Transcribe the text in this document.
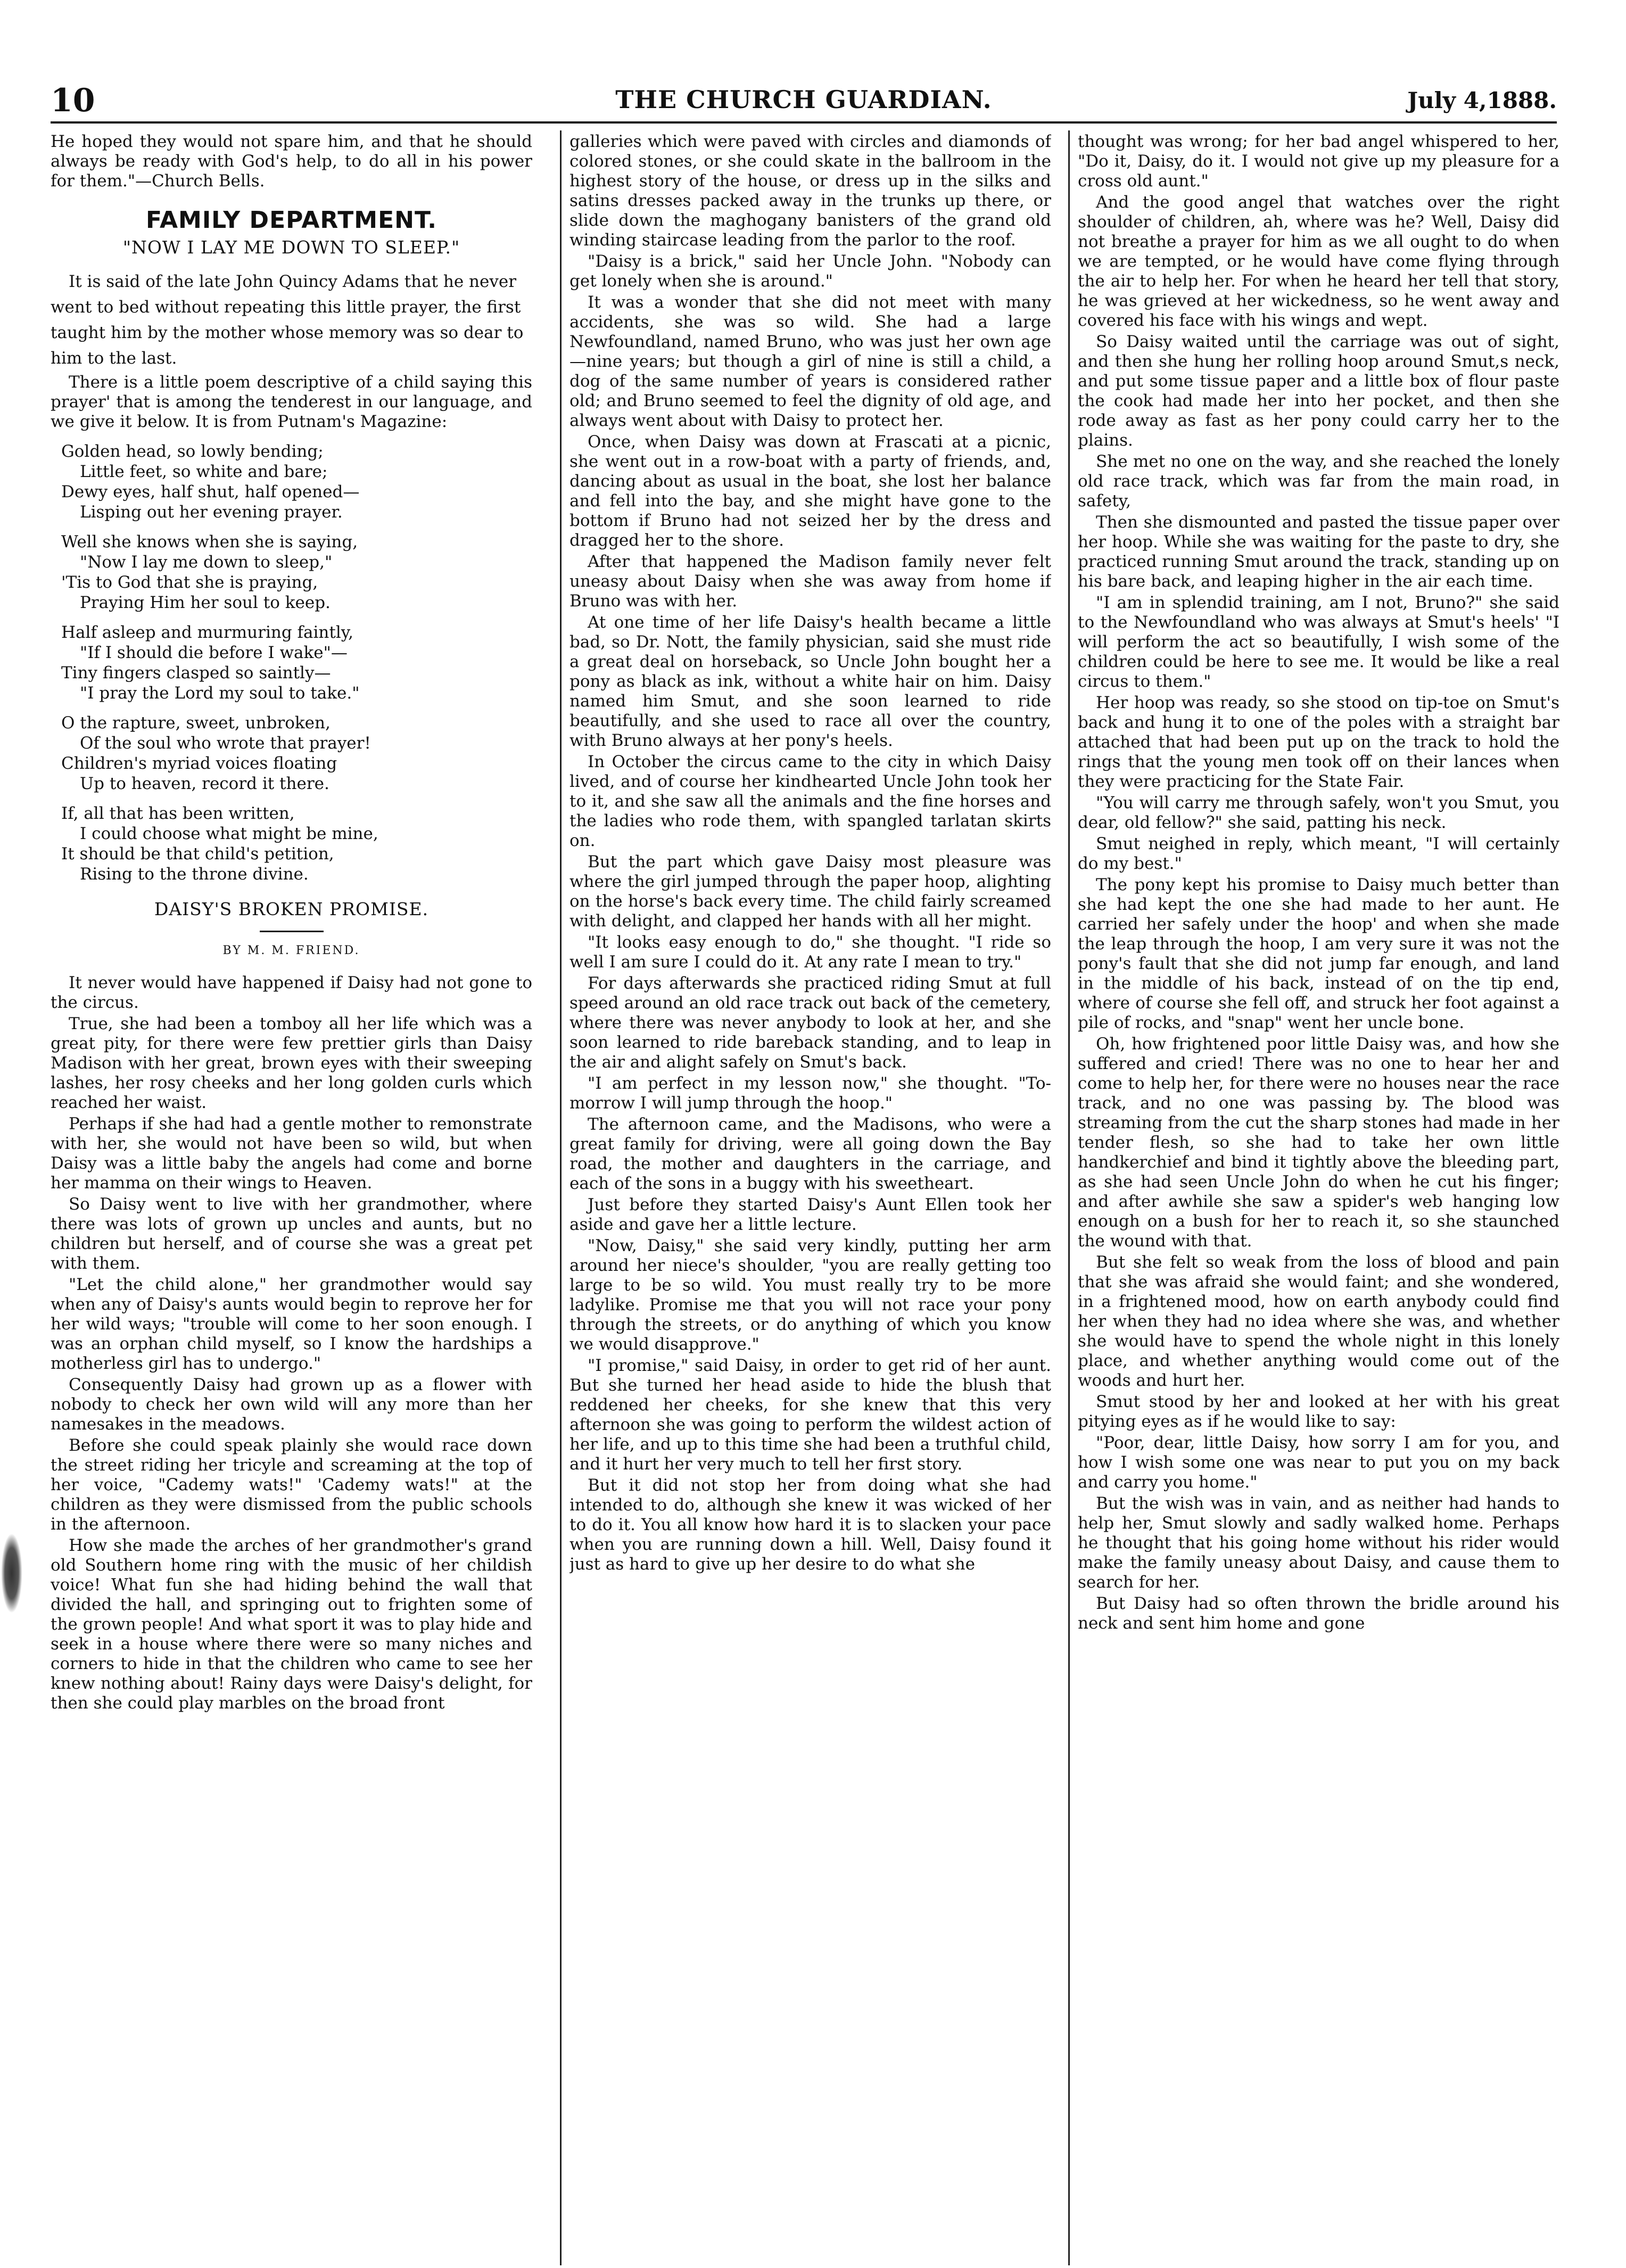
10	THE CHURCH GUARDIAN.	July 4,1888.

He hoped they would not spare him, and that he should always be ready with God's help, to do all in his power for them."—Church Bells.

FAMILY DEPARTMENT.
"NOW I LAY ME DOWN TO SLEEP."

It is said of the late John Quincy Adams that he never went to bed without repeating this little prayer, the first taught him by the mother whose memory was so dear to him to the last.

There is a little poem descriptive of a child saying this prayer' that is among the tenderest in our language, and we give it below. It is from Putnam's Magazine:

Golden head, so lowly bending;
Little feet, so white and bare;
Dewy eyes, half shut, half opened—
Lisping out her evening prayer.
Well she knows when she is saying,
"Now I lay me down to sleep,"
'Tis to God that she is praying,
Praying Him her soul to keep.
Half asleep and murmuring faintly,
"If I should die before I wake"—
Tiny fingers clasped so saintly—
"I pray the Lord my soul to take."
O the rapture, sweet, unbroken,
Of the soul who wrote that prayer!
Children's myriad voices floating
Up to heaven, record it there.
If, all that has been written,
I could choose what might be mine,
It should be that child's petition,
Rising to the throne divine.
DAISY'S BROKEN PROMISE.
BY M. M. FRIEND.

It never would have happened if Daisy had not gone to the circus.

True, she had been a tomboy all her life which was a great pity, for there were few prettier girls than Daisy Madison with her great, brown eyes with their sweeping lashes, her rosy cheeks and her long golden curls which reached her waist.

Perhaps if she had had a gentle mother to remonstrate with her, she would not have been so wild, but when Daisy was a little baby the angels had come and borne her mamma on their wings to Heaven.

So Daisy went to live with her grandmother, where there was lots of grown up uncles and aunts, but no children but herself, and of course she was a great pet with them.

"Let the child alone," her grandmother would say when any of Daisy's aunts would begin to reprove her for her wild ways; "trouble will come to her soon enough. I was an orphan child myself, so I know the hardships a motherless girl has to undergo."

Consequently Daisy had grown up as a flower with nobody to check her own wild will any more than her namesakes in the meadows.

Before she could speak plainly she would race down the street riding her tricyle and screaming at the top of her voice, "Cademy wats!" 'Cademy wats!" at the children as they were dismissed from the public schools in the afternoon.

How she made the arches of her grandmother's grand old Southern home ring with the music of her childish voice! What fun she had hiding behind the wall that divided the hall, and springing out to frighten some of the grown people! And what sport it was to play hide and seek in a house where there were so many niches and corners to hide in that the children who came to see her knew nothing about! Rainy days were Daisy's delight, for then she could play marbles on the broad front

galleries which were paved with circles and diamonds of colored stones, or she could skate in the ballroom in the highest story of the house, or dress up in the silks and satins dresses packed away in the trunks up there, or slide down the maghogany banisters of the grand old winding staircase leading from the parlor to the roof.

"Daisy is a brick," said her Uncle John. "Nobody can get lonely when she is around."

It was a wonder that she did not meet with many accidents, she was so wild. She had a large Newfoundland, named Bruno, who was just her own age—nine years; but though a girl of nine is still a child, a dog of the same number of years is considered rather old; and Bruno seemed to feel the dignity of old age, and always went about with Daisy to protect her.

Once, when Daisy was down at Frascati at a picnic, she went out in a row-boat with a party of friends, and, dancing about as usual in the boat, she lost her balance and fell into the bay, and she might have gone to the bottom if Bruno had not seized her by the dress and dragged her to the shore.

After that happened the Madison family never felt uneasy about Daisy when she was away from home if Bruno was with her.

At one time of her life Daisy's health became a little bad, so Dr. Nott, the family physician, said she must ride a great deal on horseback, so Uncle John bought her a pony as black as ink, without a white hair on him. Daisy named him Smut, and she soon learned to ride beautifully, and she used to race all over the country, with Bruno always at her pony's heels.

In October the circus came to the city in which Daisy lived, and of course her kindhearted Uncle John took her to it, and she saw all the animals and the fine horses and the ladies who rode them, with spangled tarlatan skirts on.

But the part which gave Daisy most pleasure was where the girl jumped through the paper hoop, alighting on the horse's back every time. The child fairly screamed with delight, and clapped her hands with all her might.

"It looks easy enough to do," she thought. "I ride so well I am sure I could do it. At any rate I mean to try."

For days afterwards she practiced riding Smut at full speed around an old race track out back of the cemetery, where there was never anybody to look at her, and she soon learned to ride bareback standing, and to leap in the air and alight safely on Smut's back.

"I am perfect in my lesson now," she thought. "To-morrow I will jump through the hoop."

The afternoon came, and the Madisons, who were a great family for driving, were all going down the Bay road, the mother and daughters in the carriage, and each of the sons in a buggy with his sweetheart.

Just before they started Daisy's Aunt Ellen took her aside and gave her a little lecture.

"Now, Daisy," she said very kindly, putting her arm around her niece's shoulder, "you are really getting too large to be so wild. You must really try to be more ladylike. Promise me that you will not race your pony through the streets, or do anything of which you know we would disapprove."

"I promise," said Daisy, in order to get rid of her aunt. But she turned her head aside to hide the blush that reddened her cheeks, for she knew that this very afternoon she was going to perform the wildest action of her life, and up to this time she had been a truthful child, and it hurt her very much to tell her first story.

But it did not stop her from doing what she had intended to do, although she knew it was wicked of her to do it. You all know how hard it is to slacken your pace when you are running down a hill. Well, Daisy found it just as hard to give up her desire to do what she

thought was wrong; for her bad angel whispered to her, "Do it, Daisy, do it. I would not give up my pleasure for a cross old aunt."

And the good angel that watches over the right shoulder of children, ah, where was he? Well, Daisy did not breathe a prayer for him as we all ought to do when we are tempted, or he would have come flying through the air to help her. For when he heard her tell that story, he was grieved at her wickedness, so he went away and covered his face with his wings and wept.

So Daisy waited until the carriage was out of sight, and then she hung her rolling hoop around Smut,s neck, and put some tissue paper and a little box of flour paste the cook had made her into her pocket, and then she rode away as fast as her pony could carry her to the plains.

She met no one on the way, and she reached the lonely old race track, which was far from the main road, in safety,

Then she dismounted and pasted the tissue paper over her hoop. While she was waiting for the paste to dry, she practiced running Smut around the track, standing up on his bare back, and leaping higher in the air each time.

"I am in splendid training, am I not, Bruno?" she said to the Newfoundland who was always at Smut's heels' "I will perform the act so beautifully, I wish some of the children could be here to see me. It would be like a real circus to them."

Her hoop was ready, so she stood on tip-toe on Smut's back and hung it to one of the poles with a straight bar attached that had been put up on the track to hold the rings that the young men took off on their lances when they were practicing for the State Fair.

"You will carry me through safely, won't you Smut, you dear, old fellow?" she said, patting his neck.

Smut neighed in reply, which meant, "I will certainly do my best."

The pony kept his promise to Daisy much better than she had kept the one she had made to her aunt. He carried her safely under the hoop' and when she made the leap through the hoop, I am very sure it was not the pony's fault that she did not jump far enough, and land in the middle of his back, instead of on the tip end, where of course she fell off, and struck her foot against a pile of rocks, and "snap" went her uncle bone.

Oh, how frightened poor little Daisy was, and how she suffered and cried! There was no one to hear her and come to help her, for there were no houses near the race track, and no one was passing by. The blood was streaming from the cut the sharp stones had made in her tender flesh, so she had to take her own little handkerchief and bind it tightly above the bleeding part, as she had seen Uncle John do when he cut his finger; and after awhile she saw a spider's web hanging low enough on a bush for her to reach it, so she staunched the wound with that.

But she felt so weak from the loss of blood and pain that she was afraid she would faint; and she wondered, in a frightened mood, how on earth anybody could find her when they had no idea where she was, and whether she would have to spend the whole night in this lonely place, and whether anything would come out of the woods and hurt her.

Smut stood by her and looked at her with his great pitying eyes as if he would like to say:

"Poor, dear, little Daisy, how sorry I am for you, and how I wish some one was near to put you on my back and carry you home."

But the wish was in vain, and as neither had hands to help her, Smut slowly and sadly walked home. Perhaps he thought that his going home without his rider would make the family uneasy about Daisy, and cause them to search for her.

But Daisy had so often thrown the bridle around his neck and sent him home and gone
